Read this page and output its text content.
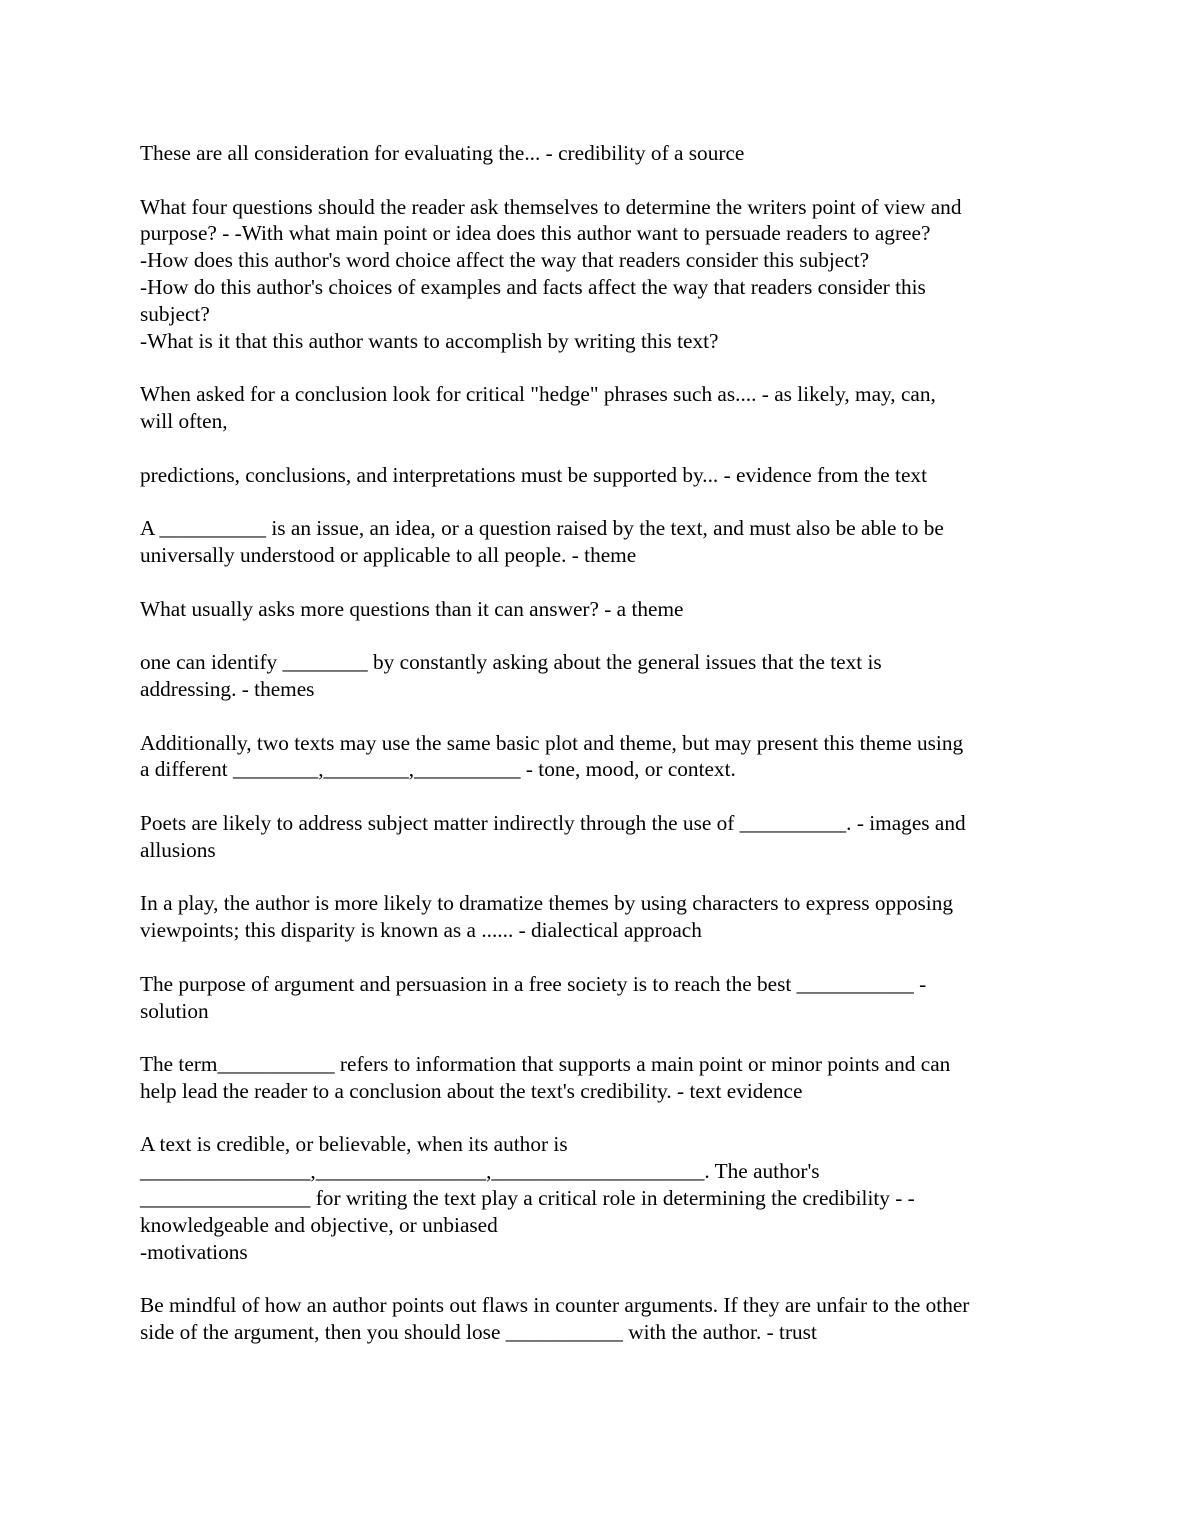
These are all consideration for evaluating the... - credibility of a source
What four questions should the reader ask themselves to determine the writers point of view and
purpose? - -With what main point or idea does this author want to persuade readers to agree?
-How does this author's word choice affect the way that readers consider this subject?
-How do this author's choices of examples and facts affect the way that readers consider this
subject?
-What is it that this author wants to accomplish by writing this text?
When asked for a conclusion look for critical "hedge" phrases such as.... - as likely, may, can,
will often,
predictions, conclusions, and interpretations must be supported by... - evidence from the text
A __________ is an issue, an idea, or a question raised by the text, and must also be able to be
universally understood or applicable to all people. - theme
What usually asks more questions than it can answer? - a theme
one can identify ________ by constantly asking about the general issues that the text is
addressing. - themes
Additionally, two texts may use the same basic plot and theme, but may present this theme using
a different ________,________,__________ - tone, mood, or context.
Poets are likely to address subject matter indirectly through the use of __________. - images and
allusions
In a play, the author is more likely to dramatize themes by using characters to express opposing
viewpoints; this disparity is known as a ...... - dialectical approach
The purpose of argument and persuasion in a free society is to reach the best ___________ -
solution
The term___________ refers to information that supports a main point or minor points and can
help lead the reader to a conclusion about the text's credibility. - text evidence
A text is credible, or believable, when its author is
________________,________________,____________________. The author's
________________ for writing the text play a critical role in determining the credibility - -
knowledgeable and objective, or unbiased
-motivations
Be mindful of how an author points out flaws in counter arguments. If they are unfair to the other
side of the argument, then you should lose ___________ with the author. - trust
